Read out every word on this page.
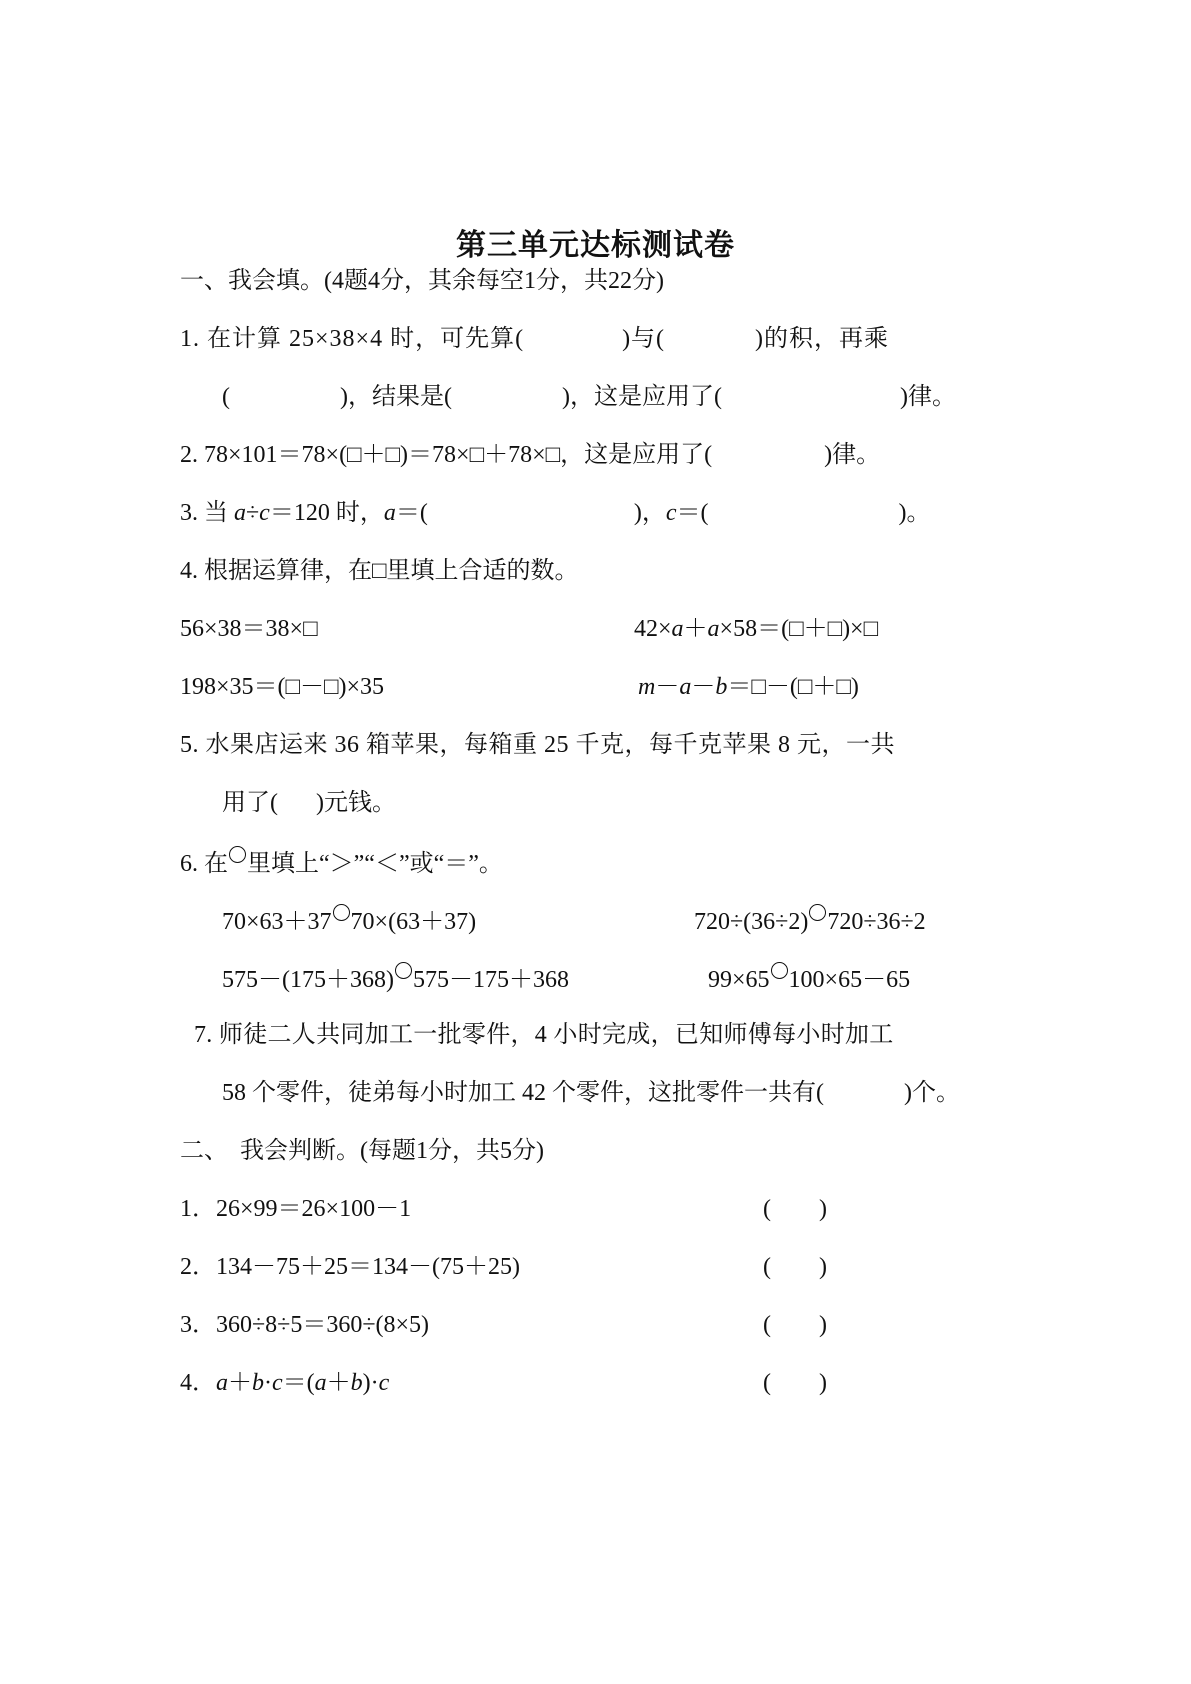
第三单元达标测试卷
一、我会填。(4题4分，其余每空1分，共22分)
1. 在计算 25×38×4 时，可先算(	)与(	)的积，再乘
(	)，结果是(	)，这是应用了(	)律。
2. 78×101＝78×(□＋□)＝78×□＋78×□，这是应用了(	)律。
3. 当 a÷c＝120 时，a＝(	)，c＝(	)。
4. 根据运算律，在□里填上合适的数。
56×38＝38×□	42×a＋a×58＝(□＋□)×□
198×35＝(□－□)×35	m－a－b＝□－(□＋□)
5. 水果店运来 36 箱苹果，每箱重 25 千克，每千克苹果 8 元，一共
用了( )元钱。
6. 在 里填上“＞”“＜”或“＝”。
70×63＋37 70×(63＋37)	720÷(36÷2) 720÷36÷2
575－(175＋368) 575－175＋368	99×65 100×65－65
7. 师徒二人共同加工一批零件，4 小时完成，已知师傅每小时加工
58 个零件，徒弟每小时加工 42 个零件，这批零件一共有(	)个。
二、  我会判断。(每题1分，共5分)
1．26×99＝26×100－1	(　　)
2．134－75＋25＝134－(75＋25)	(　　)
3．360÷8÷5＝360÷(8×5)	(　　)
4．a＋b·c＝(a＋b)·c	(　　)
